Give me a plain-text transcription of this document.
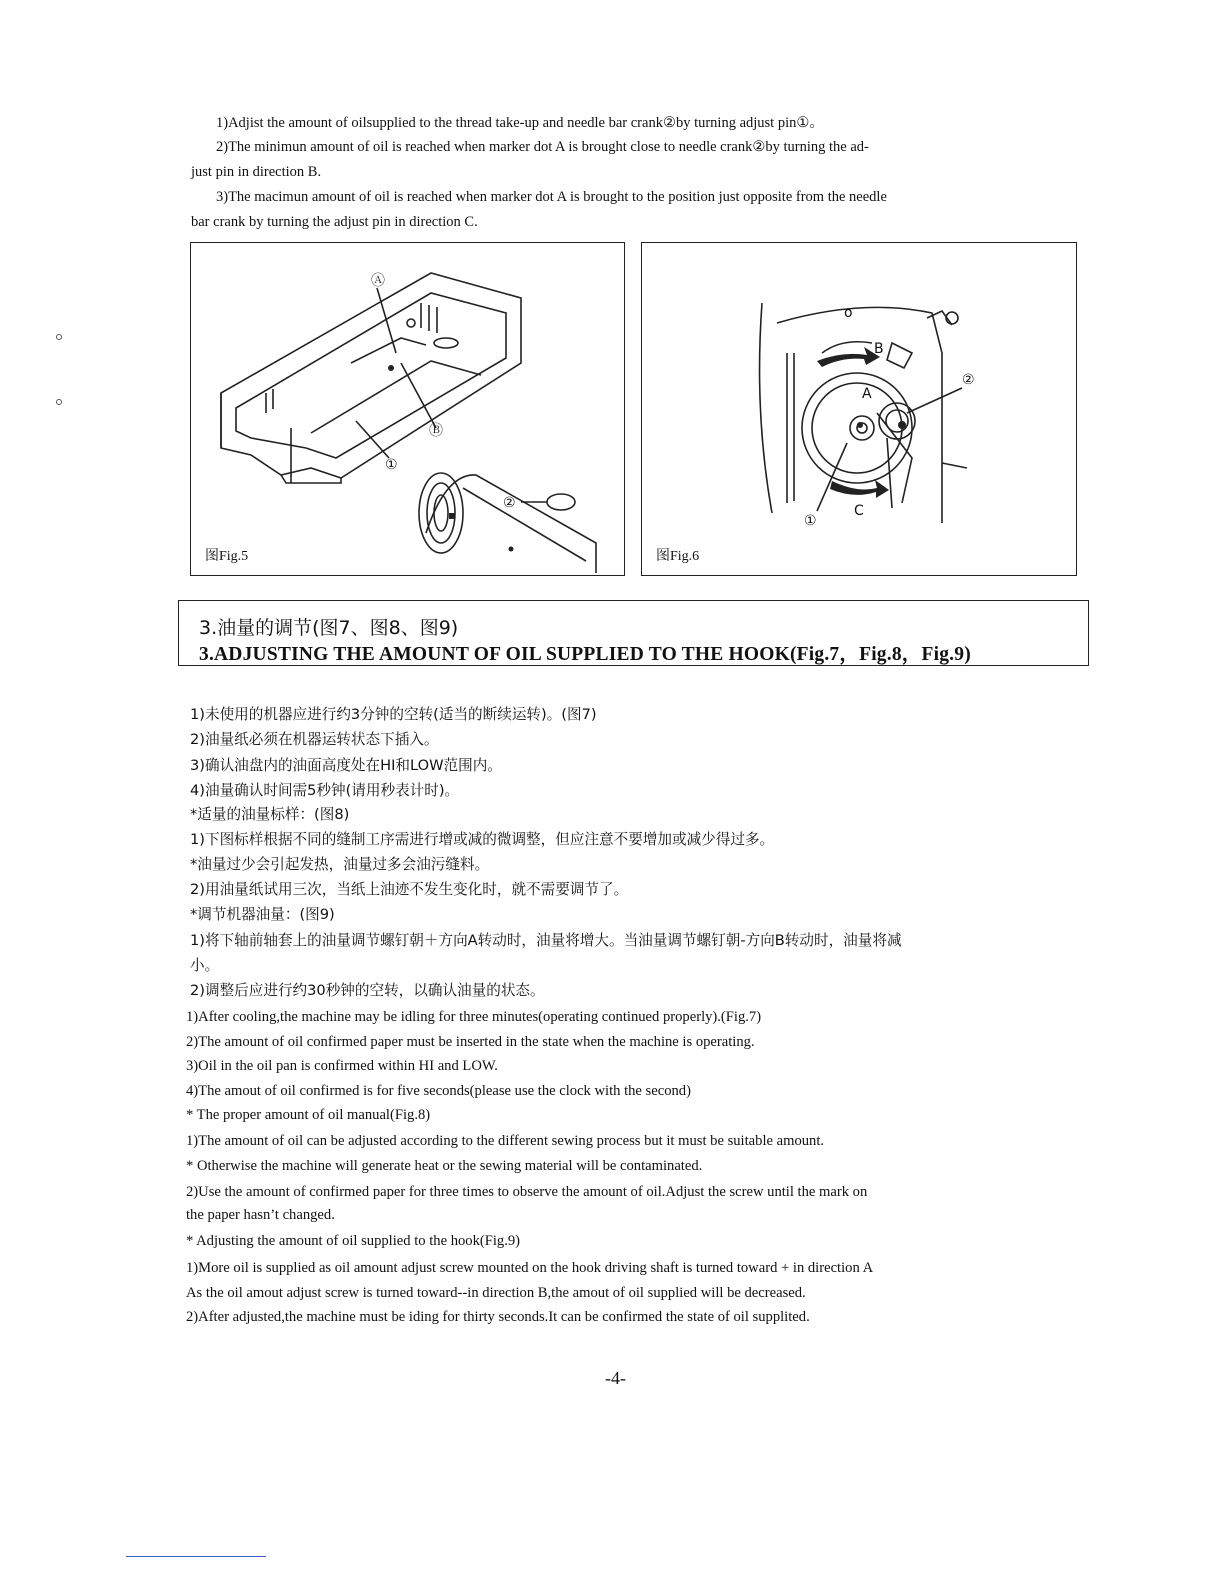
1)Adjist the amount of oilsupplied to the thread take-up and needle bar crank②by turning adjust pin①。

2)The minimun amount of oil is reached when marker dot A is brought close to needle crank②by turning the ad-

just pin in direction B.

3)The macimun amount of oil is reached when marker dot A is brought to the position just opposite from the needle

bar crank by turning the adjust pin in direction C.

Ⓐ
Ⓑ
①
②
图Fig.5
o
B
A
C
②
①
图Fig.6
3.油量的调节(图7、图8、图9)
3.ADJUSTING THE AMOUNT OF OIL SUPPLIED TO THE HOOK(Fig.7，Fig.8，Fig.9)

1)未使用的机器应进行约3分钟的空转(适当的断续运转)。(图7)

2)油量纸必须在机器运转状态下插入。

3)确认油盘内的油面高度处在HI和LOW范围内。

4)油量确认时间需5秒钟(请用秒表计时)。

*适量的油量标样：(图8)

1)下图标样根据不同的缝制工序需进行增或减的微调整，但应注意不要增加或减少得过多。

*油量过少会引起发热，油量过多会油污缝料。

2)用油量纸试用三次，当纸上油迹不发生变化时，就不需要调节了。

*调节机器油量：(图9)

1)将下轴前轴套上的油量调节螺钉朝＋方向A转动时，油量将增大。当油量调节螺钉朝-方向B转动时，油量将减

小。

2)调整后应进行约30秒钟的空转，以确认油量的状态。

1)After cooling,the machine may be idling for three minutes(operating continued properly).(Fig.7)

2)The amount of oil confirmed paper must be inserted in the state when the machine is operating.

3)Oil in the oil pan is confirmed within HI and LOW.

4)The amout of oil confirmed is for five seconds(please use the clock with the second)

* The proper amount of oil manual(Fig.8)

1)The amount of oil can be adjusted according to the different sewing process but it must be suitable amount.

* Otherwise the machine will generate heat or the sewing material will be contaminated.

2)Use the amount of confirmed paper for three times to observe the amount of oil.Adjust the screw until the mark on

the paper hasn’t changed.

* Adjusting the amount of oil supplied to the hook(Fig.9)

1)More oil is supplied as oil amount adjust screw mounted on the hook driving shaft is turned toward + in direction A

As the oil amout adjust screw is turned toward--in direction B,the amout of oil supplied will be decreased.

2)After adjusted,the machine must be iding for thirty seconds.It can be confirmed the state of oil supplited.

-4-
